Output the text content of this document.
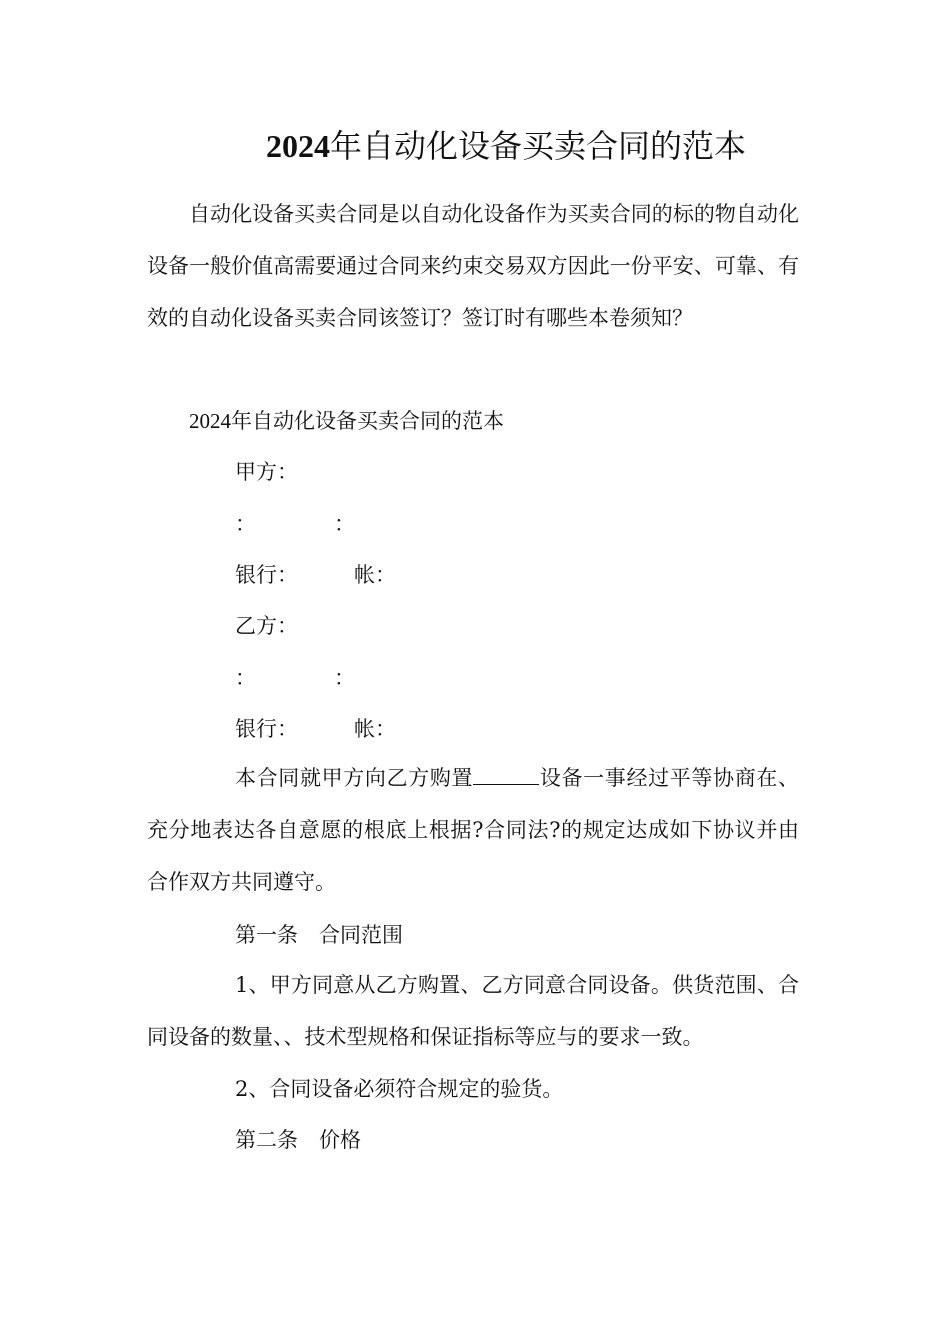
2024年自动化设备买卖合同的范本

自动化设备买卖合同是以自动化设备作为买卖合同的标的物自动化设备一般价值高需要通过合同来约束交易双方因此一份平安、可靠、有效的自动化设备买卖合同该签订？签订时有哪些本卷须知？

2024年自动化设备买卖合同的范本
甲方：
：	：
银行：	帐：
乙方：
：	：
银行：	帐：

本合同就甲方向乙方购置	设备一事经过平等协商在、充分地表达各自意愿的根底上根据?合同法?的规定达成如下协议并由合作双方共同遵守。

第一条　合同范围

1、甲方同意从乙方购置、乙方同意合同设备。供货范围、合同设备的数量、、技术型规格和保证指标等应与的要求一致。

2、合同设备必须符合规定的验货。
第二条　价格
